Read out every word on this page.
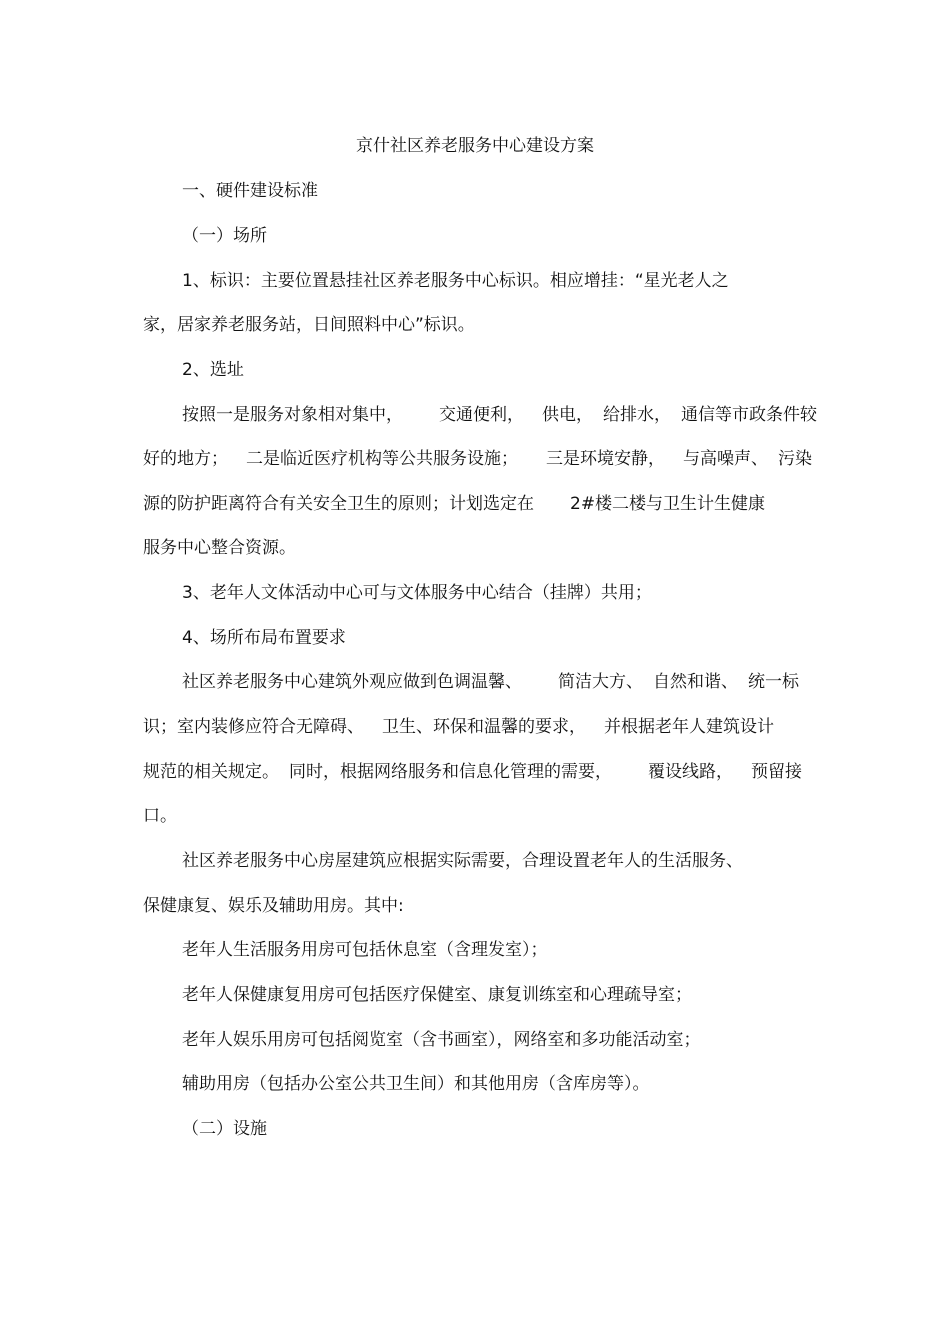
京什社区养老服务中心建设方案
一、硬件建设标准
（一）场所
1、标识：主要位置悬挂社区养老服务中心标识。相应增挂：“星光老人之
家，居家养老服务站，日间照料中心”标识。
2、选址
按照一是服务对象相对集中， 交通便利， 供电， 给排水， 通信等市政条件较
好的地方； 二是临近医疗机构等公共服务设施； 三是环境安静， 与高噪声、 污染
源的防护距离符合有关安全卫生的原则；计划选定在 2#楼二楼与卫生计生健康
服务中心整合资源。
3、老年人文体活动中心可与文体服务中心结合（挂牌）共用；
4、场所布局布置要求
社区养老服务中心建筑外观应做到色调温馨、 简洁大方、 自然和谐、 统一标
识；室内装修应符合无障碍、 卫生、环保和温馨的要求， 并根据老年人建筑设计
规范的相关规定。 同时，根据网络服务和信息化管理的需要， 覆设线路， 预留接
口。
社区养老服务中心房屋建筑应根据实际需要，合理设置老年人的生活服务、
保健康复、娱乐及辅助用房。其中:
老年人生活服务用房可包括休息室（含理发室）；
老年人保健康复用房可包括医疗保健室、康复训练室和心理疏导室；
老年人娱乐用房可包括阅览室（含书画室），网络室和多功能活动室；
辅助用房（包括办公室公共卫生间）和其他用房（含库房等）。
（二）设施
